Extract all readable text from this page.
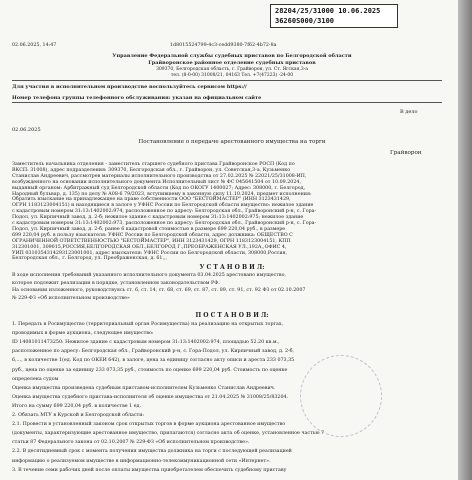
02.06.2025, 14:47	1d8015524799-4c3-cedd9380-7f62-4b72-8a
28204/25/31000 10.06.2025
36260S000/3100
Управление Федеральной службы судебных приставов по Белгородской области
Грайворонское районное отделение судебных приставов
309370, Белгородская область, г. Грайворон, ул. Ст. Ягская,3-а
тел. (8-0-00) 31008/21, 04163 Тел. +7(47223) -24-00
Для участия в исполнительном производстве воспользуйтесь сервисом https://
Номер телефона группы телефонного обслуживания: указан на официальном сайте
В дело
02.06.2025
Постановление о передаче арестованного имущества на торги
Грайворон
Заместитель начальника отделения - заместитель старшего судебного пристава Грайворонское РОСП (Код по
ВКСП: 31008), адрес подразделения: 309370, Белгородская обл., г. Грайворон, ул. Советская,3-а, Кузьменко
Станислав Андреевич, рассмотрев материалы исполнительного производства от 27.02.2025 № 22021/25/31008-ИП,
возбужденного на основании исполнительного документа Исполнительный лист № ФС 045641504 от 10.09.2024,
выданный органом: Арбитражный суд Белгородской области (Код по ОКОГУ 1400027; Адрес: 308000, г. Белгород,
Народный бульвар, д. 135) по делу № А08-6 79/2023, вступившему в законную силу 11.10.2024, предмет исполнения:
Обратить взыскание на принадлежащее на праве собственности ООО "БЕСТОЙМАСТЕР" (ИНН 3123431429,
ОГРН 1183123004151) и находящиеся в залоге у УФНС России по Белгородской области имущество: нежилое здание
с кадастровым номером 31:13:1402002:974, расположенное по адресу: Белгородская обл., Грайворонский р-н, с. Гора-
Подол, ул. Кирпичный завод, д. 2-б; нежилое здание с кадастровым номером 31:13:1402002:975; нежилое здание
с кадастровым номером 31:13:1402002:973, расположенное по адресу: Белгородская обл., Грайворонский р-н, с. Гора-
Подол, ул. Кирпичный завод, д. 2-б, ранее 6 кадастровой стоимостью в размере 699 220,04 руб., в размере
699 220,04 руб. в пользу взыскателя: УФНС России по Белгородской области, адрес должника: ОБЩЕСТВО С
ОГРАНИЧЕННОЙ ОТВЕТСТВЕННОСТЬЮ "БЕСТОЙМАСТЕР", ИНН 3123431429, ОГРН 1183123004151, КПП
312301001, 309015,РОССИЯ,БЕЛГОРОДСКАЯ ОБЛ.,БЕЛГОРОД Г.,ПРЕОБРАЖЕНСКАЯ УЛ.,192А,,ОФИС 4,
УИП 0310354314293123001001, адрес взыскателя: УФНС России по Белгородской области, 308000,Россия,
Белгородская обл., г. Белгород, ул. Преображенская, д. 61,,,
У С Т А Н О В И Л:
В ходе исполнения требований указанного исполнительного документа 03.04.2025 арестовано имущество,
которое подлежит реализации в порядке, установленном законодательством РФ.
На основании изложенного, руководствуясь ст. 6, ст. 14, ст. 68, ст. 69, ст. 87, ст. 89, ст. 91, ст. 92 ФЗ от 02.10.2007
№ 229-ФЗ «Об исполнительном производстве»
П О С Т А Н О В И Л:
1. Передать в Росимущество (территориальный орган Росимущества) на реализацию на открытых торгах,
проводимых в форме аукциона, следующее имущество:
ID 14081011473250: Нежилое здание с кадастровым номером 31:13:1402002:974, площадью 52.20 кв.м.,
расположенное по адресу: Белгородская обл., Грайворонский р-н, с. Гора-Подол, ул. Кирпичный завод, д. 2-б,
6,..., в количестве 1(ед. Код по ОКЕИ 642), в залоге, цена за единицу согласно акту описи и ареста 233 073,35
руб., цена по оценке за единицу 233 073,35 руб., стоимость по оценке 699 220,04 руб. Стоимость по оценке
определена судом
Оценка имущества произведена судебным приставом-исполнителем Кузьменко Станислав Андреевич.
Оценка имущества судебного пристава-исполнителя об оценке имущества от 21.04.2025 № 31008/25/83204.
Итого на сумму 699 220,04 руб. в количестве 1 ед.
2. Обязать МТУ в Курской и Белгородской области:
2.1. Провести в установленный законом срок открытых торгов в форме аукциона арестованное имущество
(документы, характеризующие арестованное имущество, прилагаются) согласно акта об оценке, установленное частью 7
статьи 87 Федерального закона от 02.10.2007 № 229-ФЗ «Об исполнительном производстве».
2.2. В десятидневный срок с момента получения имущества должника на торги с последующей реализацией
информацию о реализуемом имуществе в информационно-телекоммуникационной сети «Интернет».
3. В течение семи рабочих дней после оплаты имущества приобретателем обеспечить судебному приставу
